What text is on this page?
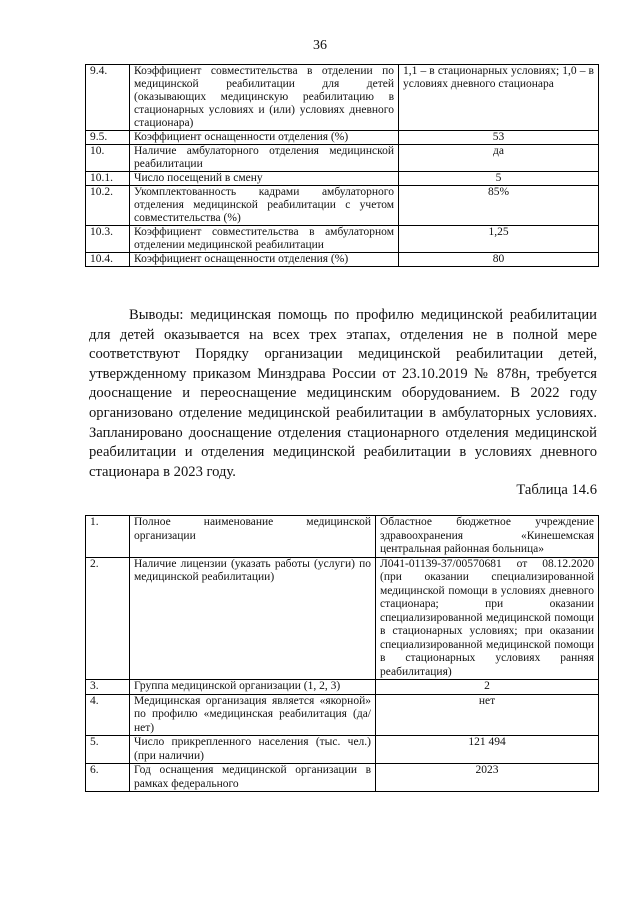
36
9.4.	Коэффициент совместительства в отделении по медицинской реабилитации для детей (оказывающих медицинскую реабилитацию в стационарных условиях и (или) условиях дневного стационара)	1,1 – в стационарных условиях; 1,0 – в условиях дневного стационара
9.5.	Коэффициент оснащенности отделения (%)	53
10.	Наличие амбулаторного отделения медицинской реабилитации	да
10.1.	Число посещений в смену	5
10.2.	Укомплектованность кадрами амбулаторного отделения медицинской реабилитации с учетом совместительства (%)	85%
10.3.	Коэффициент совместительства в амбулаторном отделении медицинской реабилитации	1,25
10.4.	Коэффициент оснащенности отделения (%)	80

Выводы: медицинская помощь по профилю медицинской реабилитации для детей оказывается на всех трех этапах, отделения не в полной мере соответствуют Порядку организации медицинской реабилитации детей, утвержденному приказом Минздрава России от 23.10.2019 № 878н, требуется дооснащение и переоснащение медицинским оборудованием. В 2022 году организовано отделение медицинской реабилитации в амбулаторных условиях. Запланировано дооснащение отделения стационарного отделения медицинской реабилитации и отделения медицинской реабилитации в условиях дневного стационара в 2023 году.

Таблица 14.6
1.	Полное наименование медицинской организации	Областное бюджетное учреждение здравоохранения «Кинешемская центральная районная больница»
2.	Наличие лицензии (указать работы (услуги) по медицинской реабилитации)	Л041-01139-37/00570681 от 08.12.2020 (при оказании специализированной медицинской помощи в условиях дневного стационара; при оказании специализированной медицинской помощи в стационарных условиях; при оказании специализированной медицинской помощи в стационарных условиях ранняя реабилитация)
3.	Группа медицинской организации (1, 2, 3)	2
4.	Медицинская организация является «якорной» по профилю «медицинская реабилитация (да/нет)	нет
5.	Число прикрепленного населения (тыс. чел.) (при наличии)	121 494
6.	Год оснащения медицинской организации в рамках федерального	2023
